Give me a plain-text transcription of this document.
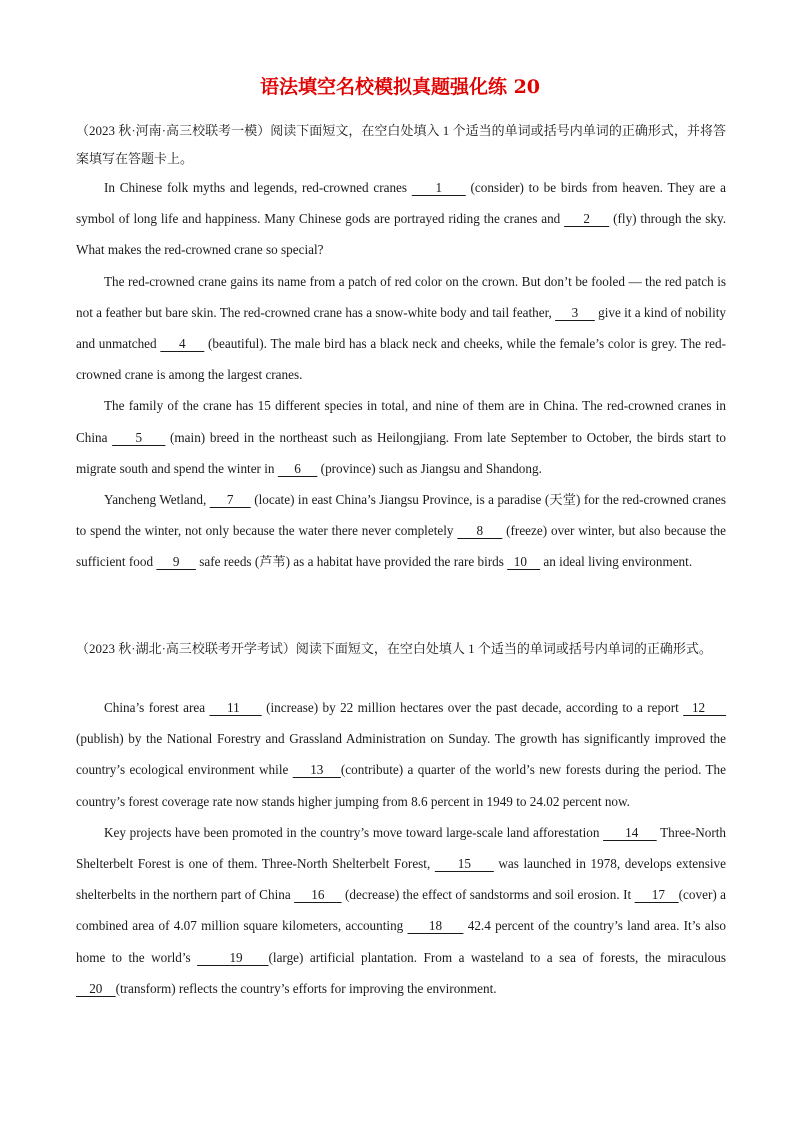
语法填空名校模拟真题强化练 20
（2023 秋·河南·高三校联考一模）阅读下面短文，在空白处填入 1 个适当的单词或括号内单词的正确形式，并将答案填写在答题卡上。

In Chinese folk myths and legends, red-crowned cranes      1      (consider) to be birds from heaven. They are a symbol of long life and happiness. Many Chinese gods are portrayed riding the cranes and      2      (fly) through the sky. What makes the red-crowned crane so special?

The red-crowned crane gains its name from a patch of red color on the crown. But don’t be fooled — the red patch is not a feather but bare skin. The red-crowned crane has a snow-white body and tail feather,      3      give it a kind of nobility and unmatched      4      (beautiful). The male bird has a black neck and cheeks, while the female’s color is grey. The red-crowned crane is among the largest cranes.

The family of the crane has 15 different species in total, and nine of them are in China. The red-crowned cranes in China      5      (main) breed in the northeast such as Heilongjiang. From late September to October, the birds start to migrate south and spend the winter in      6      (province) such as Jiangsu and Shandong.

Yancheng Wetland,      7      (locate) in east China’s Jiangsu Province, is a paradise (天堂) for the red-crowned cranes to spend the winter, not only because the water there never completely      8      (freeze) over winter, but also because the sufficient food      9      safe reeds (芦苇) as a habitat have provided the rare birds   10     an ideal living environment.

（2023 秋·湖北·高三校联考开学考试）阅读下面短文，在空白处填人 1 个适当的单词或括号内单词的正确形式。

China’s forest area     11      (increase) by 22 million hectares over the past decade, according to a report   12      (publish) by the National Forestry and Grassland Administration on Sunday. The growth has significantly improved the country’s ecological environment while     13    (contribute) a quarter of the world’s new forests during the period. The country’s forest coverage rate now stands higher jumping from 8.6 percent in 1949 to 24.02 percent now.

Key projects have been promoted in the country’s move toward large-scale land afforestation       14      Three-North Shelterbelt Forest is one of them. Three-North Shelterbelt Forest,      15      was launched in 1978, develops extensive shelterbelts in the northern part of China      16      (decrease) the effect of sandstorms and soil erosion. It      17    (cover) a combined area of 4.07 million square kilometers, accounting      18      42.4 percent of the country’s land area. It’s also home to the world’s      19    (large) artificial plantation. From a wasteland to a sea of forests, the miraculous     20    (transform) reflects the country’s efforts for improving the environment.
